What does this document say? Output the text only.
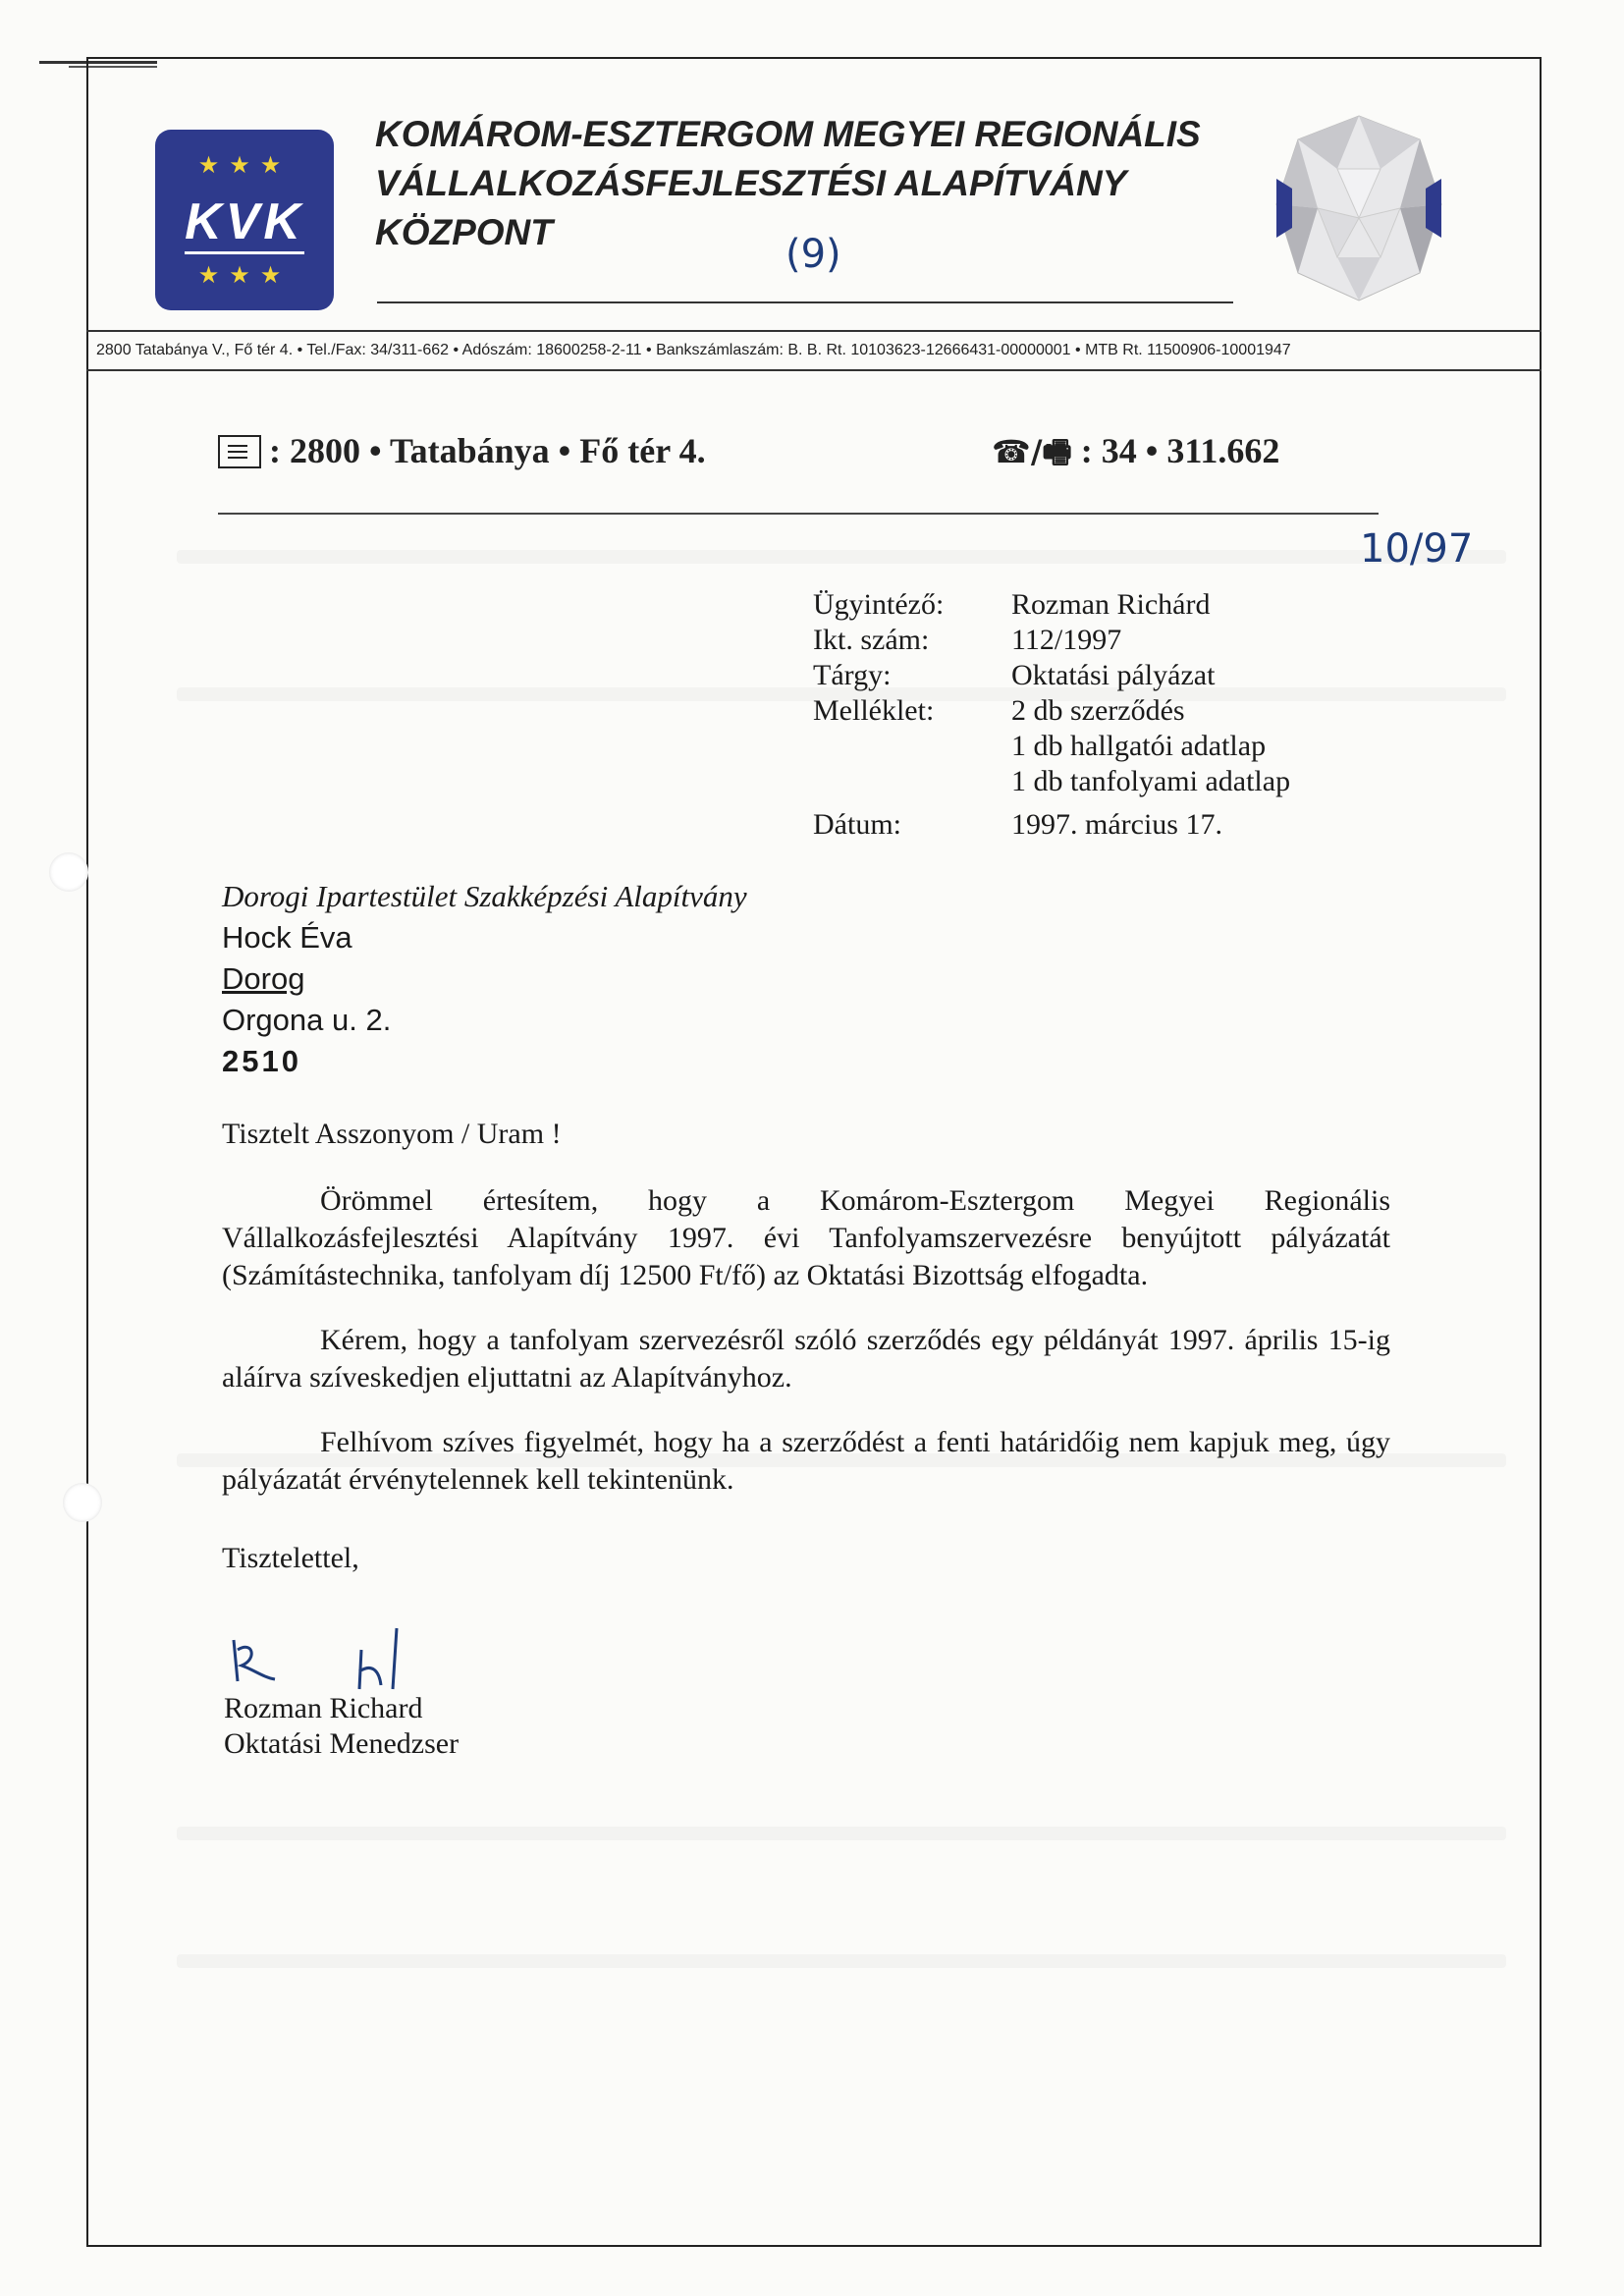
★★★
KVK
★★★
KOMÁROM-ESZTERGOM MEGYEI REGIONÁLIS
VÁLLALKOZÁSFEJLESZTÉSI ALAPÍTVÁNY
KÖZPONT	(9)
2800 Tatabánya V., Fő tér 4. • Tel./Fax: 34/311-662 • Adószám: 18600258-2-11 • Bankszámlaszám: B. B. Rt. 10103623-12666431-00000001 • MTB Rt. 11500906-10001947
: 2800 • Tatabánya • Fő tér 4.	☎/🖷 : 34 • 311.662
10/97
Ügyintéző:	Rozman Richárd
Ikt. szám:	112/1997
Tárgy:	Oktatási pályázat
Melléklet:	2 db szerződés
1 db hallgatói adatlap
1 db tanfolyami adatlap
Dátum:	1997. március 17.
Dorogi Ipartestület Szakképzési Alapítvány
Hock Éva
Dorog
Orgona u. 2.
2510
Tisztelt Asszonyom / Uram !

Örömmel értesítem, hogy a Komárom-Esztergom Megyei Regionális Vállalkozásfejlesztési Alapítvány 1997. évi Tanfolyamszervezésre benyújtott pályázatát (Számítástechnika, tanfolyam díj 12500 Ft/fő) az Oktatási Bizottság elfogadta.

Kérem, hogy a tanfolyam szervezésről szóló szerződés egy példányát 1997. április 15-ig aláírva szíveskedjen eljuttatni az Alapítványhoz.

Felhívom szíves figyelmét, hogy ha a szerződést a fenti határidőig nem kapjuk meg, úgy pályázatát érvénytelennek kell tekintenünk.

Tisztelettel,
Rozman Richard
Oktatási Menedzser
